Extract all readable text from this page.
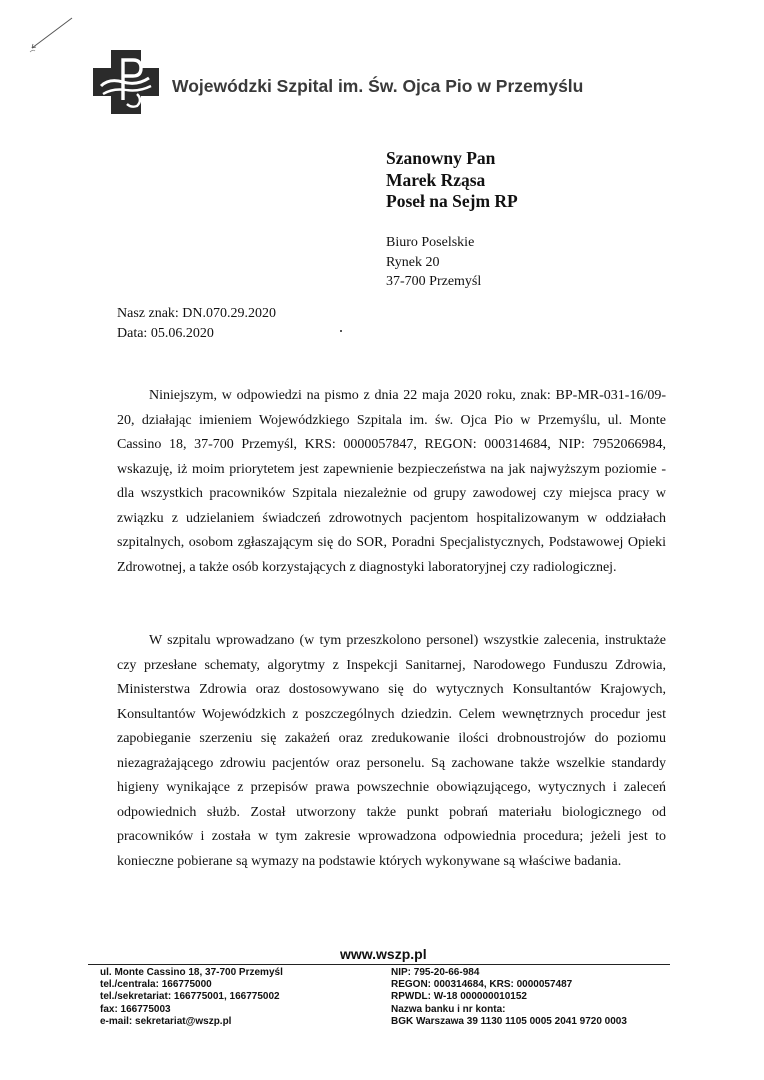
Wojewódzki Szpital im. Św. Ojca Pio w Przemyślu
Szanowny Pan
Marek Rząsa
Poseł na Sejm RP
Biuro Poselskie
Rynek 20
37-700 Przemyśl
Nasz znak: DN.070.29.2020
Data: 05.06.2020
Niniejszym, w odpowiedzi na pismo z dnia 22 maja 2020 roku, znak: BP-MR-031-16/09-20, działając imieniem Wojewódzkiego Szpitala im. św. Ojca Pio w Przemyślu, ul. Monte Cassino 18, 37-700 Przemyśl, KRS: 0000057847, REGON: 000314684, NIP: 7952066984, wskazuję, iż moim priorytetem jest zapewnienie bezpieczeństwa na jak najwyższym poziomie - dla wszystkich pracowników Szpitala niezależnie od grupy zawodowej czy miejsca pracy w związku z udzielaniem świadczeń zdrowotnych pacjentom hospitalizowanym w oddziałach szpitalnych, osobom zgłaszającym się do SOR, Poradni Specjalistycznych, Podstawowej Opieki Zdrowotnej, a także osób korzystających z diagnostyki laboratoryjnej czy radiologicznej.
W szpitalu wprowadzano (w tym przeszkolono personel) wszystkie zalecenia, instruktaże czy przesłane schematy, algorytmy z Inspekcji Sanitarnej, Narodowego Funduszu Zdrowia, Ministerstwa Zdrowia oraz dostosowywano się do wytycznych Konsultantów Krajowych, Konsultantów Wojewódzkich z poszczególnych dziedzin. Celem wewnętrznych procedur jest zapobieganie szerzeniu się zakażeń oraz zredukowanie ilości drobnoustrojów do poziomu niezagrażającego zdrowiu pacjentów oraz personelu. Są zachowane także wszelkie standardy higieny wynikające z przepisów prawa powszechnie obowiązującego, wytycznych i zaleceń odpowiednich służb. Został utworzony także punkt pobrań materiału biologicznego od pracowników i została w tym zakresie wprowadzona odpowiednia procedura; jeżeli jest to konieczne pobierane są wymazy na podstawie których wykonywane są właściwe badania.
www.wszp.pl
ul. Monte Cassino 18, 37-700 Przemyśl
tel./centrala: 166775000
tel./sekretariat: 166775001, 166775002
fax: 166775003
e-mail: sekretariat@wszp.pl
NIP: 795-20-66-984
REGON: 000314684, KRS: 0000057487
RPWDL: W-18 000000010152
Nazwa banku i nr konta:
BGK Warszawa 39 1130 1105 0005 2041 9720 0003
